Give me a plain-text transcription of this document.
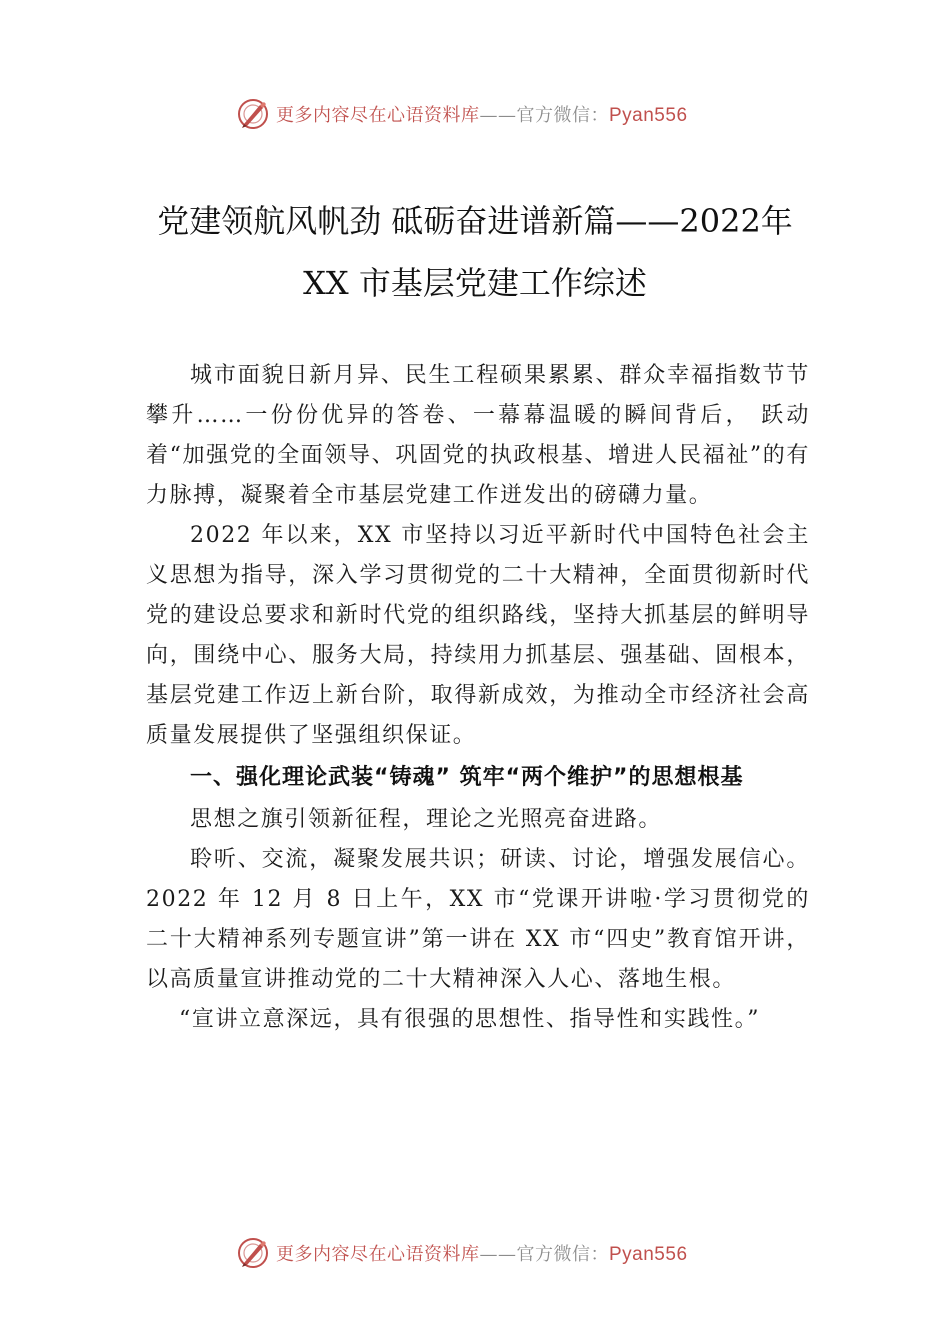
更多内容尽在心语资料库——官方微信：Pyan556
党建领航风帆劲 砥砺奋进谱新篇——2022年 XX 市基层党建工作综述

城市面貌日新月异、民生工程硕果累累、群众幸福指数节节攀升……一份份优异的答卷、一幕幕温暖的瞬间背后， 跃动着“加强党的全面领导、巩固党的执政根基、增进人民福祉”的有力脉搏，凝聚着全市基层党建工作迸发出的磅礴力量。

2022 年以来，XX 市坚持以习近平新时代中国特色社会主义思想为指导，深入学习贯彻党的二十大精神，全面贯彻新时代党的建设总要求和新时代党的组织路线，坚持大抓基层的鲜明导向，围绕中心、服务大局，持续用力抓基层、强基础、固根本，基层党建工作迈上新台阶，取得新成效，为推动全市经济社会高质量发展提供了坚强组织保证。

一、强化理论武装“铸魂” 筑牢“两个维护”的思想根基

思想之旗引领新征程，理论之光照亮奋进路。

聆听、交流，凝聚发展共识；研读、讨论，增强发展信心。2022 年 12 月 8 日上午，XX 市“党课开讲啦·学习贯彻党的二十大精神系列专题宣讲”第一讲在 XX 市“四史”教育馆开讲，以高质量宣讲推动党的二十大精神深入人心、落地生根。

“宣讲立意深远，具有很强的思想性、指导性和实践性。”

更多内容尽在心语资料库——官方微信：Pyan556
